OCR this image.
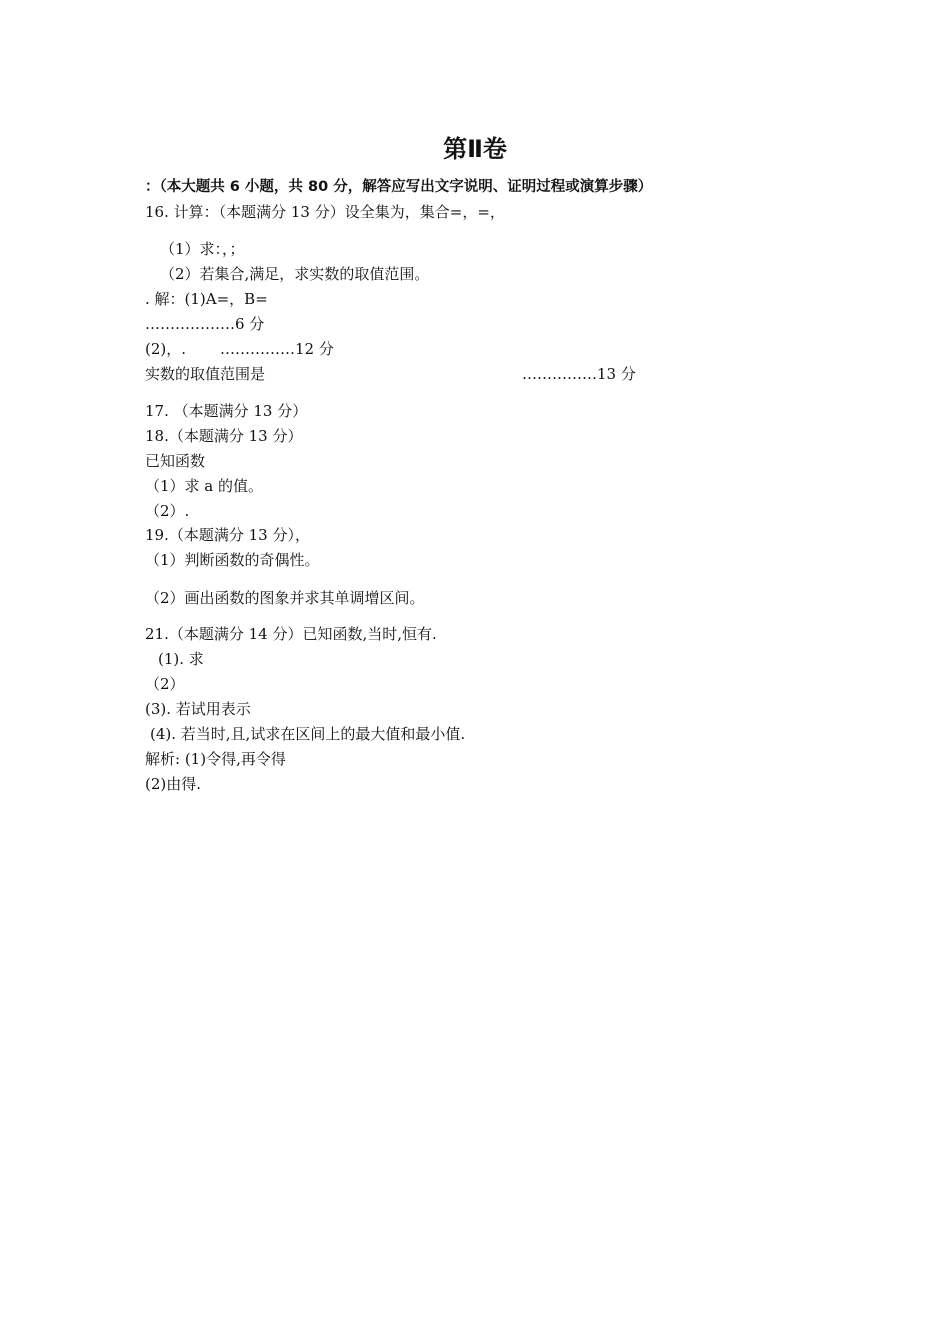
第Ⅱ卷
：（本大题共 6 小题，共 80 分，解答应写出文字说明、证明过程或演算步骤）
16. 计算：（本题满分 13 分）设全集为，集合=，=，
（1）求：，；
（2）若集合,满足，求实数的取值范围。
. 解：(1)A=，B=
………………6 分
(2)，. ……………12 分
实数的取值范围是	……………13 分
17. （本题满分 13 分）
18.（本题满分 13 分）
已知函数
（1）求 a 的值。
（2）.
19.（本题满分 13 分），
（1）判断函数的奇偶性。
（2）画出函数的图象并求其单调增区间。
21.（本题满分 14 分）已知函数,当时,恒有.
(1). 求
（2）
(3). 若试用表示
(4). 若当时,且,试求在区间上的最大值和最小值.
解析: (1)令得,再令得
(2)由得.
